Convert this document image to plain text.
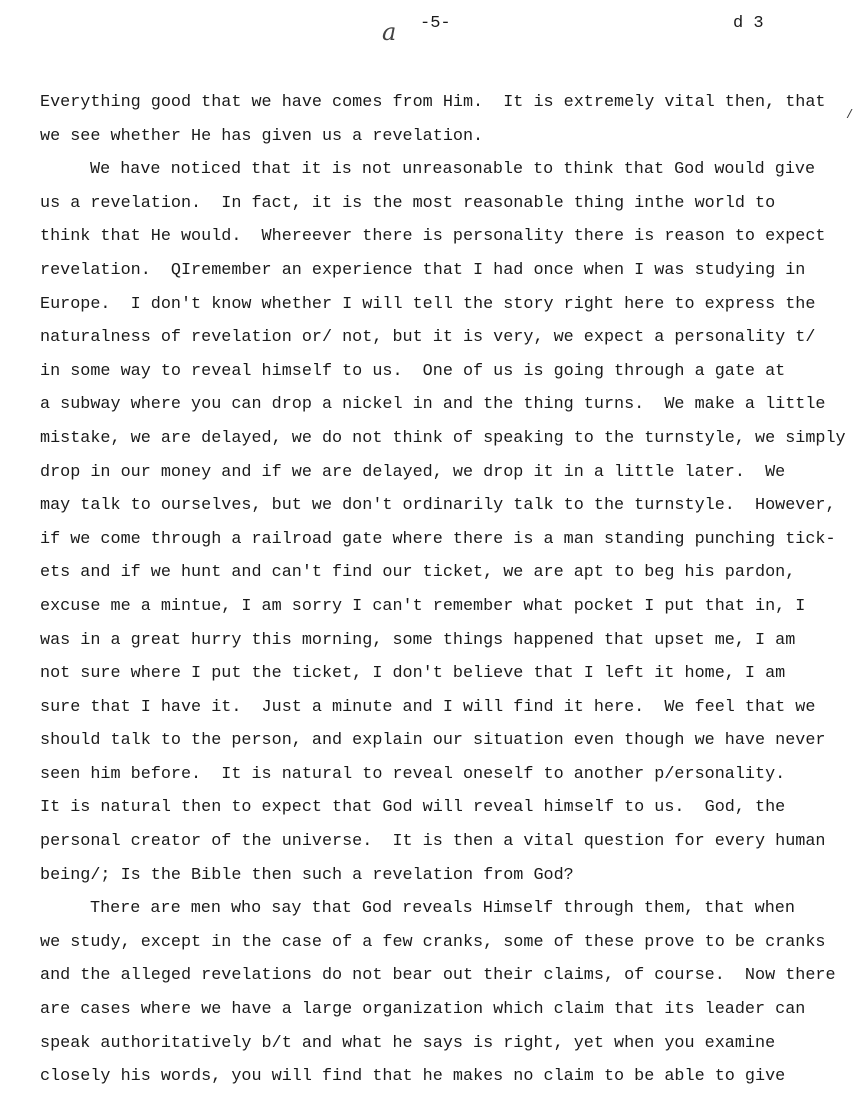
a -5-	d 3
/
Everything good that we have comes from Him.  It is extremely vital then, that
we see whether He has given us a revelation.
We have noticed that it is not unreasonable to think that God would give
us a revelation.  In fact, it is the most reasonable thing inthe world to
think that He would.  Whereever there is personality there is reason to expect
revelation.  QIremember an experience that I had once when I was studying in
Europe.  I don't know whether I will tell the story right here to express the
naturalness of revelation or/ not, but it is very, we expect a personality t/
in some way to reveal himself to us.  One of us is going through a gate at
a subway where you can drop a nickel in and the thing turns.  We make a little
mistake, we are delayed, we do not think of speaking to the turnstyle, we simply
drop in our money and if we are delayed, we drop it in a little later.  We
may talk to ourselves, but we don't ordinarily talk to the turnstyle.  However,
if we come through a railroad gate where there is a man standing punching tick-
ets and if we hunt and can't find our ticket, we are apt to beg his pardon,
excuse me a mintue, I am sorry I can't remember what pocket I put that in, I
was in a great hurry this morning, some things happened that upset me, I am
not sure where I put the ticket, I don't believe that I left it home, I am
sure that I have it.  Just a minute and I will find it here.  We feel that we
should talk to the person, and explain our situation even though we have never
seen him before.  It is natural to reveal oneself to another p/ersonality.
It is natural then to expect that God will reveal himself to us.  God, the
personal creator of the universe.  It is then a vital question for every human
being/; Is the Bible then such a revelation from God?
There are men who say that God reveals Himself through them, that when
we study, except in the case of a few cranks, some of these prove to be cranks
and the alleged revelations do not bear out their claims, of course.  Now there
are cases where we have a large organization which claim that its leader can
speak authoritatively b/t and what he says is right, yet when you examine
closely his words, you will find that he makes no claim to be able to give
